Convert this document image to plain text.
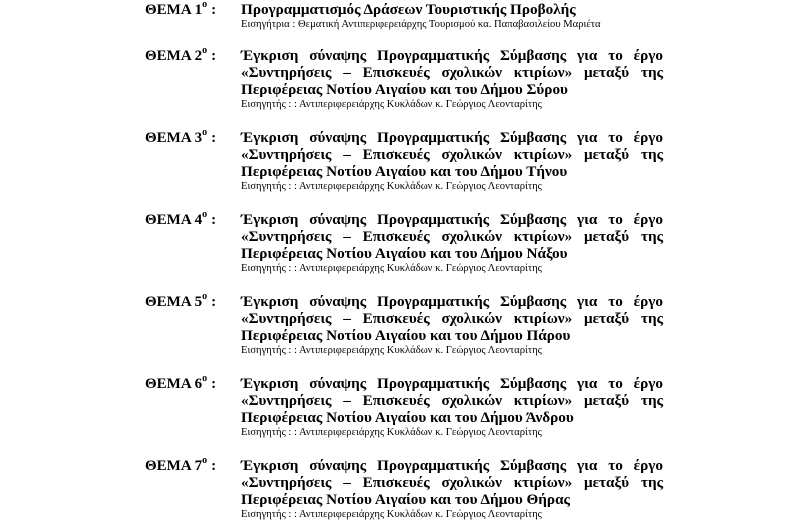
ΘΕΜΑ $1^o$ : Προγραμματισμός Δράσεων Τουριστικής Προβολής
Εισηγήτρια : Θεματική Αντιπεριφερειάρχης Τουρισμού κα. Παπαβασιλείου Μαριέτα
ΘΕΜΑ $2^o$ : Έγκριση σύναψης Προγραμματικής Σύμβασης για το έργο
«Συντηρήσεις – Επισκευές σχολικών κτιρίων» μεταξύ της
Περιφέρειας Νοτίου Αιγαίου και του Δήμου Σύρου
Εισηγητής : : Αντιπεριφερειάρχης Κυκλάδων κ. Γεώργιος Λεονταρίτης
ΘΕΜΑ $3^o$ : Έγκριση σύναψης Προγραμματικής Σύμβασης για το έργο
«Συντηρήσεις – Επισκευές σχολικών κτιρίων» μεταξύ της
Περιφέρειας Νοτίου Αιγαίου και του Δήμου Τήνου
Εισηγητής : : Αντιπεριφερειάρχης Κυκλάδων κ. Γεώργιος Λεονταρίτης
ΘΕΜΑ $4^o$ : Έγκριση σύναψης Προγραμματικής Σύμβασης για το έργο
«Συντηρήσεις – Επισκευές σχολικών κτιρίων» μεταξύ της
Περιφέρειας Νοτίου Αιγαίου και του Δήμου Νάξου
Εισηγητής : : Αντιπεριφερειάρχης Κυκλάδων κ. Γεώργιος Λεονταρίτης
ΘΕΜΑ $5^o$ : Έγκριση σύναψης Προγραμματικής Σύμβασης για το έργο
«Συντηρήσεις – Επισκευές σχολικών κτιρίων» μεταξύ της
Περιφέρειας Νοτίου Αιγαίου και του Δήμου Πάρου
Εισηγητής : : Αντιπεριφερειάρχης Κυκλάδων κ. Γεώργιος Λεονταρίτης
ΘΕΜΑ $6^o$ : Έγκριση σύναψης Προγραμματικής Σύμβασης για το έργο
«Συντηρήσεις – Επισκευές σχολικών κτιρίων» μεταξύ της
Περιφέρειας Νοτίου Αιγαίου και του Δήμου Άνδρου
Εισηγητής : : Αντιπεριφερειάρχης Κυκλάδων κ. Γεώργιος Λεονταρίτης
ΘΕΜΑ $7^o$ : Έγκριση σύναψης Προγραμματικής Σύμβασης για το έργο
«Συντηρήσεις – Επισκευές σχολικών κτιρίων» μεταξύ της
Περιφέρειας Νοτίου Αιγαίου και του Δήμου Θήρας
Εισηγητής : : Αντιπεριφερειάρχης Κυκλάδων κ. Γεώργιος Λεονταρίτης
